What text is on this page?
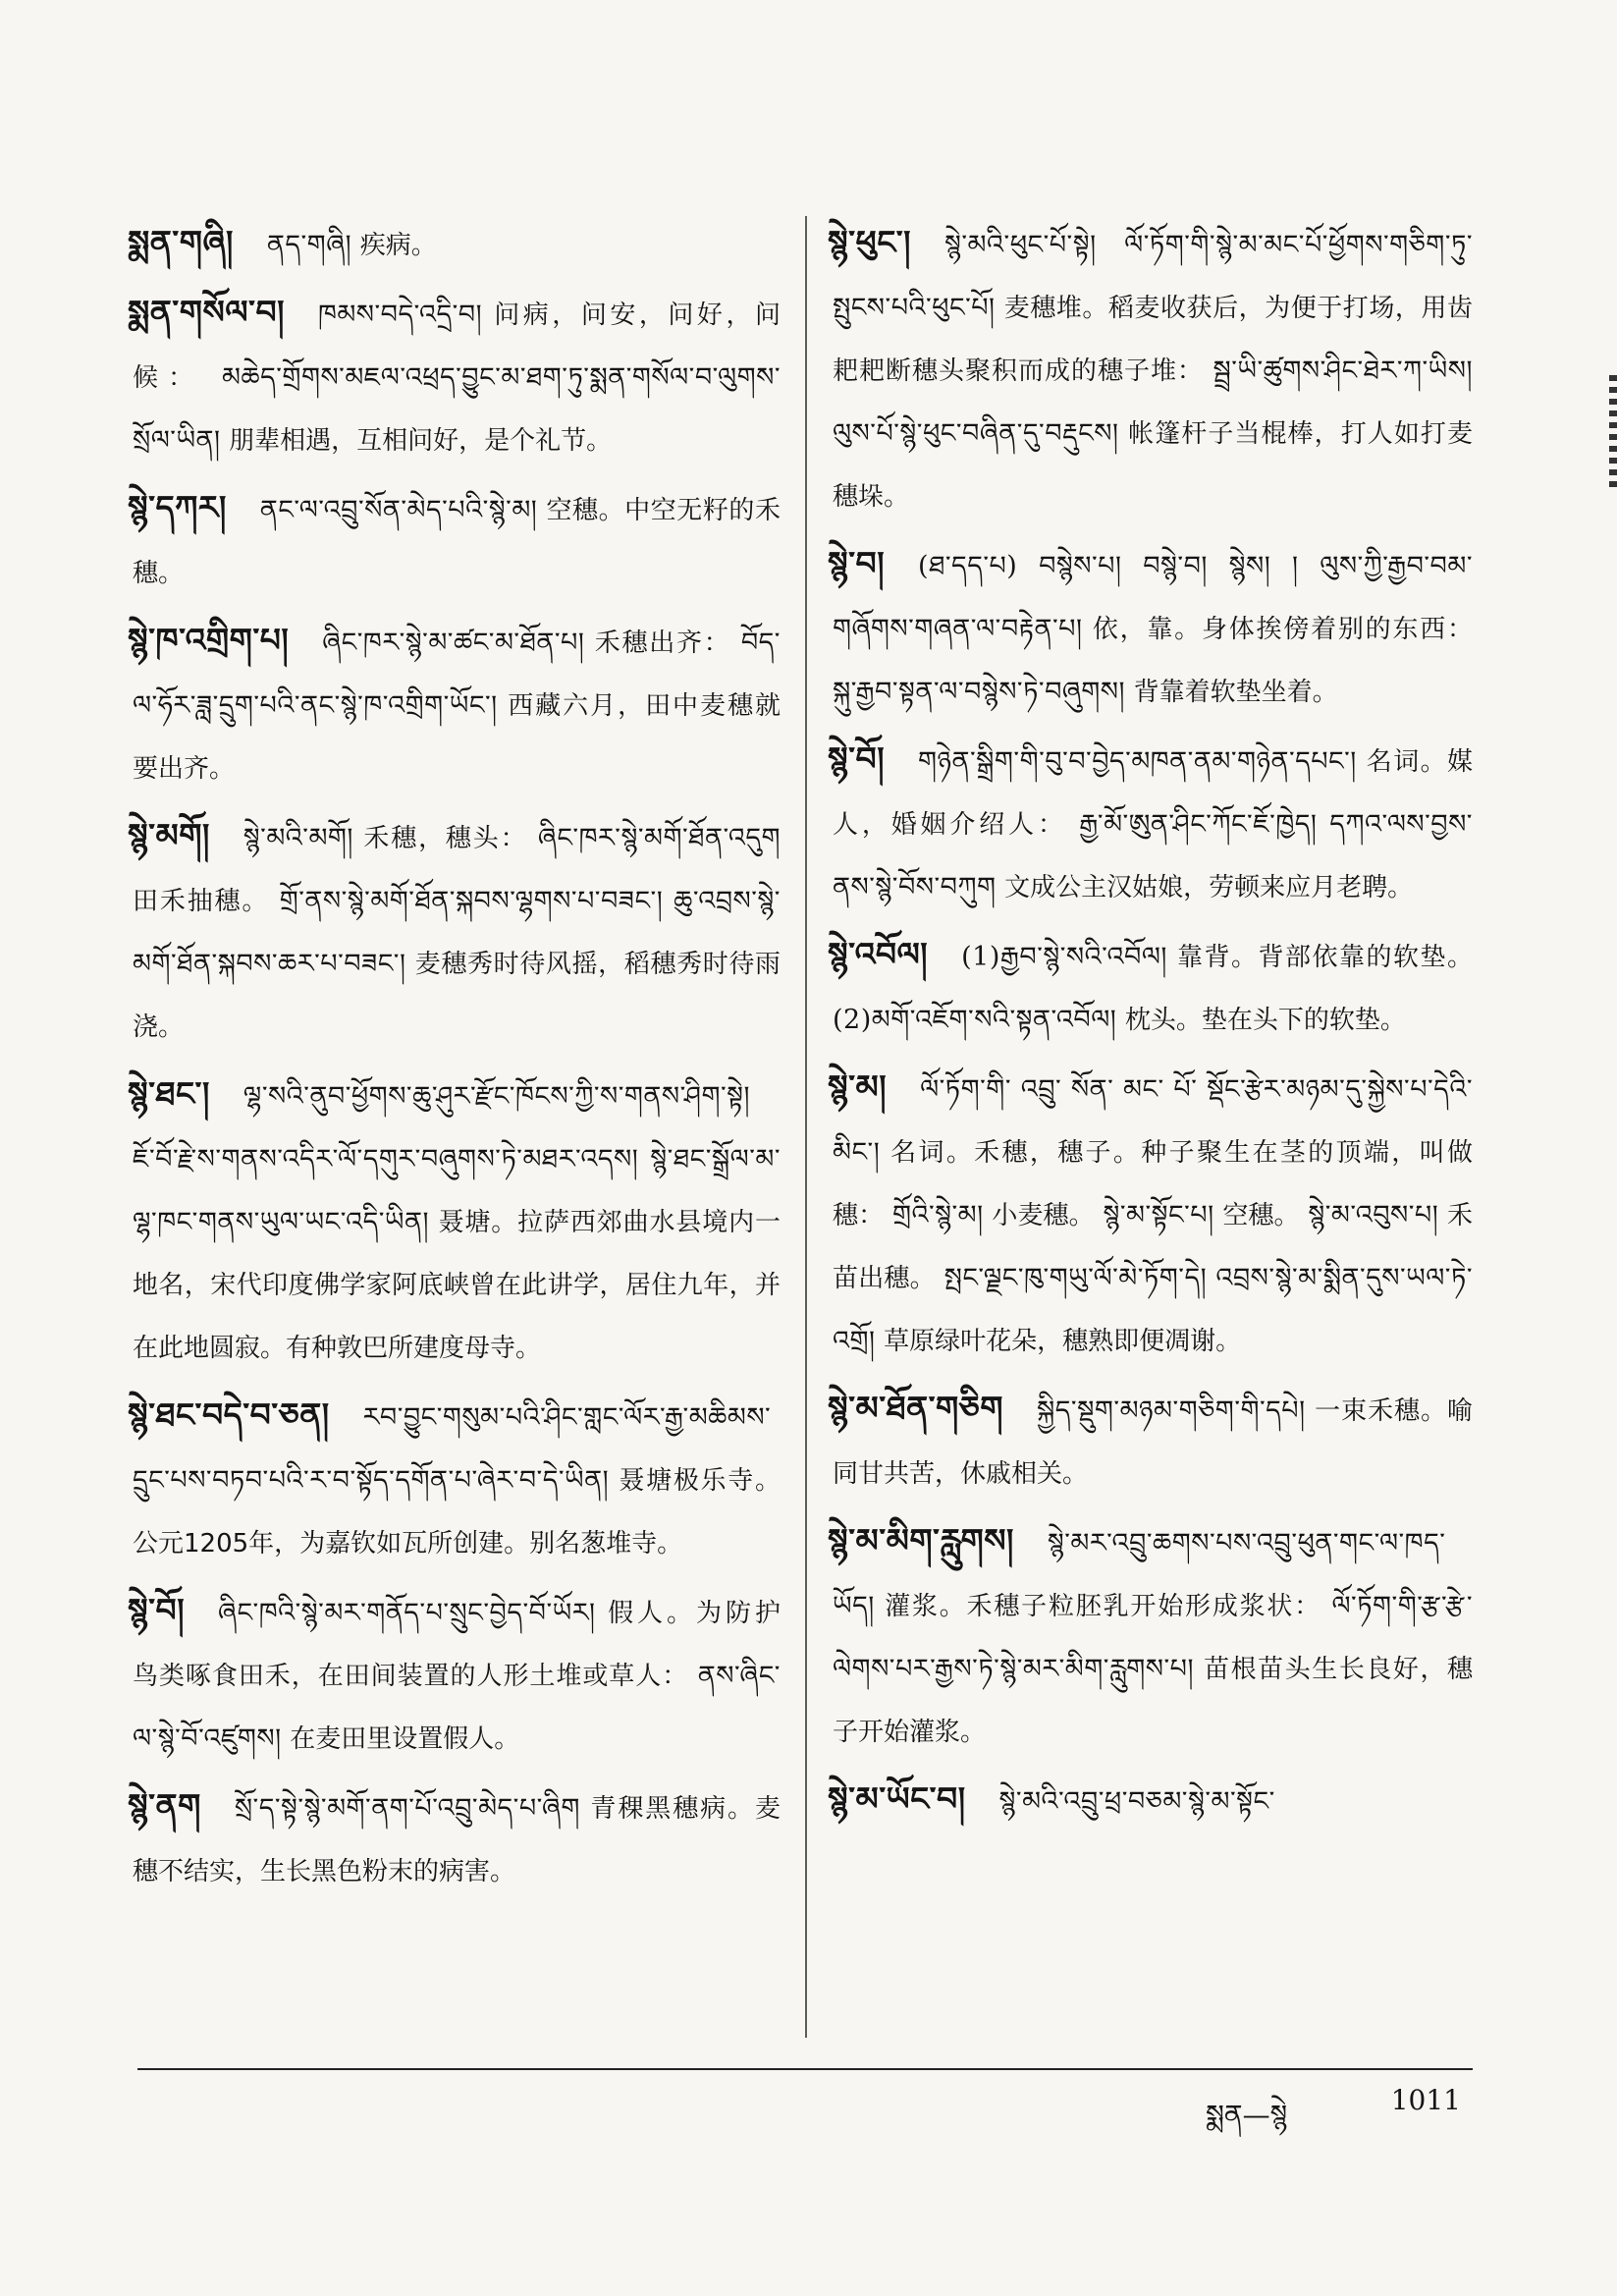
སྨན་གཞི། ནད་གཞི། 疾病。

སྨན་གསོལ་བ། ཁམས་བདེ་འདྲི་བ། 问病，问安，问好，问候： མཆེད་གྲོགས་མཇལ་འཕྲད་བྱུང་མ་ཐག་ཏུ་སྨན་གསོལ་བ་ལུགས་སྲོལ་ཡིན། 朋辈相遇，互相问好，是个礼节。

སྙེ་དཀར། ནང་ལ་འབྲུ་སོན་མེད་པའི་སྙེ་མ། 空穗。中空无籽的禾穗。

སྙེ་ཁ་འགྲིག་པ། ཞིང་ཁར་སྙེ་མ་ཚང་མ་ཐོན་པ། 禾穗出齐： བོད་ལ་ཧོར་ཟླ་དྲུག་པའི་ནང་སྙེ་ཁ་འགྲིག་ཡོང་། 西藏六月，田中麦穗就要出齐。

སྙེ་མགོ། སྙེ་མའི་མགོ། 禾穗，穗头： ཞིང་ཁར་སྙེ་མགོ་ཐོན་འདུག 田禾抽穗。 གྲོ་ནས་སྙེ་མགོ་ཐོན་སྐབས་ལྷགས་པ་བཟང་། ཆུ་འབྲས་སྙེ་མགོ་ཐོན་སྐབས་ཆར་པ་བཟང་། 麦穗秀时待风摇，稻穗秀时待雨浇。

སྙེ་ཐང་། ལྷ་སའི་ནུབ་ཕྱོགས་ཆུ་ཤུར་རྫོང་ཁོངས་ཀྱི་ས་གནས་ཤིག་སྟེ། ཇོ་བོ་རྗེ་ས་གནས་འདིར་ལོ་དགུར་བཞུགས་ཏེ་མཐར་འདས། སྙེ་ཐང་སྒྲོལ་མ་ལྷ་ཁང་གནས་ཡུལ་ཡང་འདི་ཡིན། 聂塘。拉萨西郊曲水县境内一地名，宋代印度佛学家阿底峡曾在此讲学，居住九年，并在此地圆寂。有种敦巴所建度母寺。

སྙེ་ཐང་བདེ་བ་ཅན། རབ་བྱུང་གསུམ་པའི་ཤིང་གླང་ལོར་རྒྱ་མཆིམས་དྲུང་པས་བཏབ་པའི་ར་བ་སྟོད་དགོན་པ་ཞེར་བ་དེ་ཡིན། 聂塘极乐寺。公元1205年，为嘉钦如瓦所创建。别名葱堆寺。

སྙེ་བོ། ཞིང་ཁའི་སྙེ་མར་གནོད་པ་སྲུང་བྱེད་བོ་ཡོར། 假人。为防护鸟类啄食田禾，在田间装置的人形土堆或草人： ནས་ཞིང་ལ་སྙེ་བོ་འཛུགས། 在麦田里设置假人。

སྙེ་ནག སྲོ་ད་སྟེ་སྙེ་མགོ་ནག་པོ་འབྲུ་མེད་པ་ཞིག 青稞黑穗病。麦穗不结实，生长黑色粉末的病害。

སྙེ་ཕུང་། སྙེ་མའི་ཕུང་པོ་སྟེ། ལོ་ཏོག་གི་སྙེ་མ་མང་པོ་ཕྱོགས་གཅིག་ཏུ་སྤུངས་པའི་ཕུང་པོ། 麦穗堆。稻麦收获后，为便于打场，用齿耙耙断穗头聚积而成的穗子堆： སྦྲ་ཡི་ཚུགས་ཤིང་ཐེར་ཀ་ཡིས། ལུས་པོ་སྙེ་ཕུང་བཞིན་དུ་བརྡུངས། 帐篷杆子当棍棒，打人如打麦穗垛。

སྙེ་བ། (ཐ་དད་པ) བསྙེས་པ། བསྙེ་བ། སྙེས། ། ལུས་ཀྱི་རྒྱབ་བམ་གཞོགས་གཞན་ལ་བརྟེན་པ། 依，靠。身体挨傍着别的东西： སྐུ་རྒྱབ་སྟན་ལ་བསྙེས་ཏེ་བཞུགས། 背靠着软垫坐着。

སྙེ་བོ། གཉེན་སྒྲིག་གི་བུ་བ་བྱེད་མཁན་ནམ་གཉེན་དཔང་། 名词。媒人，婚姻介绍人： རྒྱ་མོ་ཨུན་ཤིང་ཀོང་ཇོ་ཁྱེད། དཀའ་ལས་བྱས་ནས་སྙེ་བོས་བཀུག 文成公主汉姑娘，劳顿来应月老聘。

སྙེ་འབོལ། (1)རྒྱབ་སྙེ་སའི་འབོལ། 靠背。背部依靠的软垫。 (2)མགོ་འཇོག་སའི་སྟན་འབོལ། 枕头。垫在头下的软垫。

སྙེ་མ། ལོ་ཏོག་གི་ འབྲུ་ སོན་ མང་ པོ་ སྡོང་རྩེར་མཉམ་དུ་སྐྱེས་པ་དེའི་མིང་། 名词。禾穗，穗子。种子聚生在茎的顶端，叫做穗： གྲོའི་སྙེ་མ། 小麦穗。 སྙེ་མ་སྟོང་པ། 空穗。 སྙེ་མ་འབུས་པ། 禾苗出穗。 སྤང་ལྗང་ཁུ་གཡུ་ལོ་མེ་ཏོག་དེ། འབྲས་སྙེ་མ་སྨིན་དུས་ཡལ་ཏེ་འགྲོ། 草原绿叶花朵，穗熟即便凋谢。

སྙེ་མ་ཐོན་གཅིག སྐྱིད་སྡུག་མཉམ་གཅིག་གི་དཔེ། 一束禾穗。喻同甘共苦，休戚相关。

སྙེ་མ་མིག་རླུགས། སྙེ་མར་འབྲུ་ཆགས་པས་འབྲུ་ཕུན་གང་ལ་ཁད་ཡོད། 灌浆。禾穗子粒胚乳开始形成浆状： ལོ་ཏོག་གི་རྩ་རྩེ་ལེགས་པར་རྒྱས་ཏེ་སྙེ་མར་མིག་རླུགས་པ། 苗根苗头生长良好，穗子开始灌浆。

སྙེ་མ་ཡོང་བ། སྙེ་མའི་འབྲུ་ཕྲ་བཅམ་སྙེ་མ་སྟོང་

སྨན—སྙེ	1011
